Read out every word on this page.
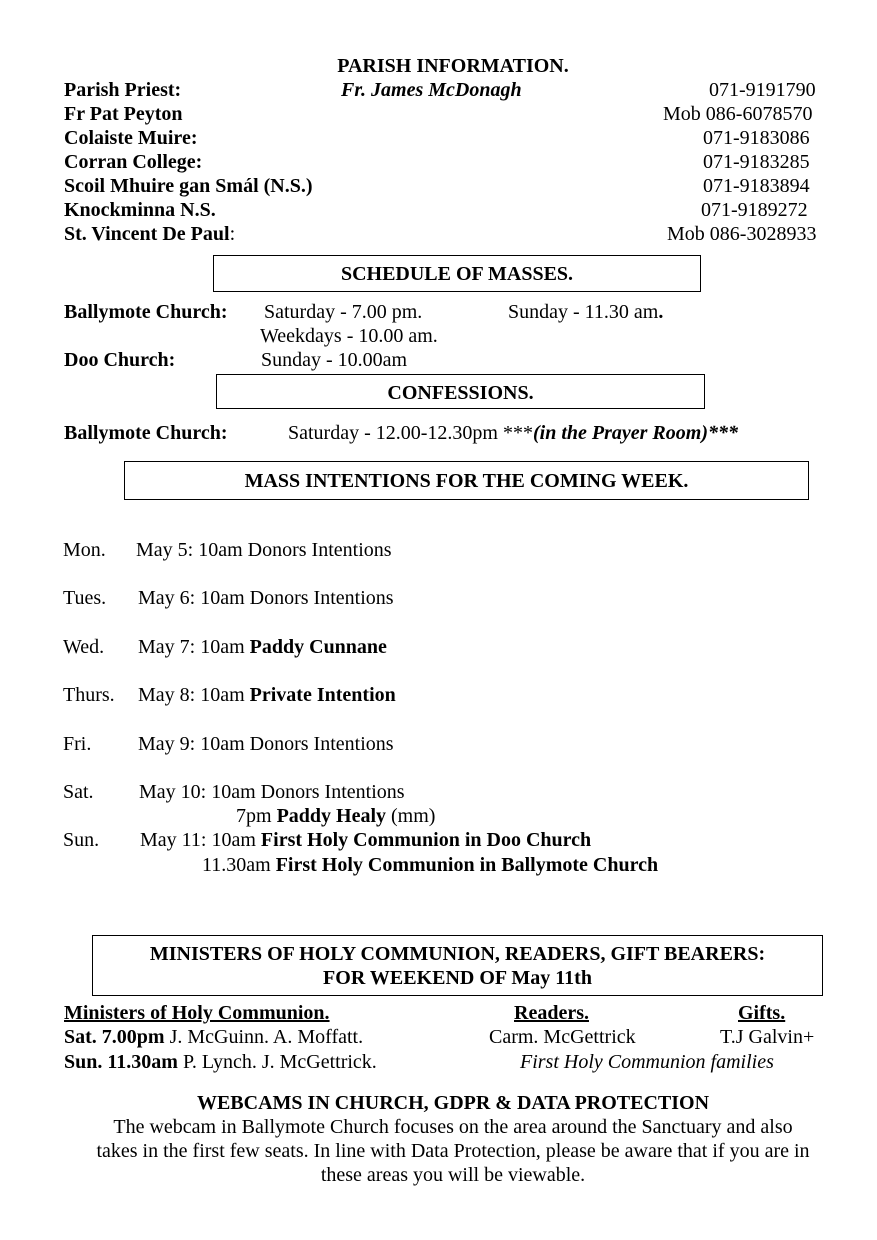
PARISH INFORMATION.
Parish Priest:	Fr. James McDonagh	071-9191790
Fr Pat Peyton	Mob 086-6078570
Colaiste Muire:	071-9183086
Corran College:	071-9183285
Scoil Mhuire gan Smál (N.S.)	071-9183894
Knockminna N.S.	071-9189272
St. Vincent De Paul:	Mob 086-3028933
SCHEDULE OF MASSES.
Ballymote Church: Saturday - 7.00 pm.	Sunday - 11.30 am.
Weekdays - 10.00 am.
Doo Church:	Sunday - 10.00am
CONFESSIONS.
Ballymote Church:	Saturday - 12.00-12.30pm ***(in the Prayer Room)***
MASS INTENTIONS FOR THE COMING WEEK.
Mon. May 5: 10am Donors Intentions
Tues. May 6: 10am Donors Intentions
Wed. May 7: 10am Paddy Cunnane
Thurs. May 8: 10am Private Intention
Fri. May 9: 10am Donors Intentions
Sat. May 10: 10am Donors Intentions
7pm Paddy Healy (mm)
Sun. May 11: 10am First Holy Communion in Doo Church
11.30am First Holy Communion in Ballymote Church
MINISTERS OF HOLY COMMUNION, READERS, GIFT BEARERS:
FOR WEEKEND OF May 11th
Ministers of Holy Communion.	Readers.	Gifts.
Sat. 7.00pm J. McGuinn. A. Moffatt.	Carm. McGettrick	T.J Galvin+
Sun. 11.30am P. Lynch. J. McGettrick.	First Holy Communion families
WEBCAMS IN CHURCH, GDPR & DATA PROTECTION
The webcam in Ballymote Church focuses on the area around the Sanctuary and also
takes in the first few seats. In line with Data Protection, please be aware that if you are in
these areas you will be viewable.
